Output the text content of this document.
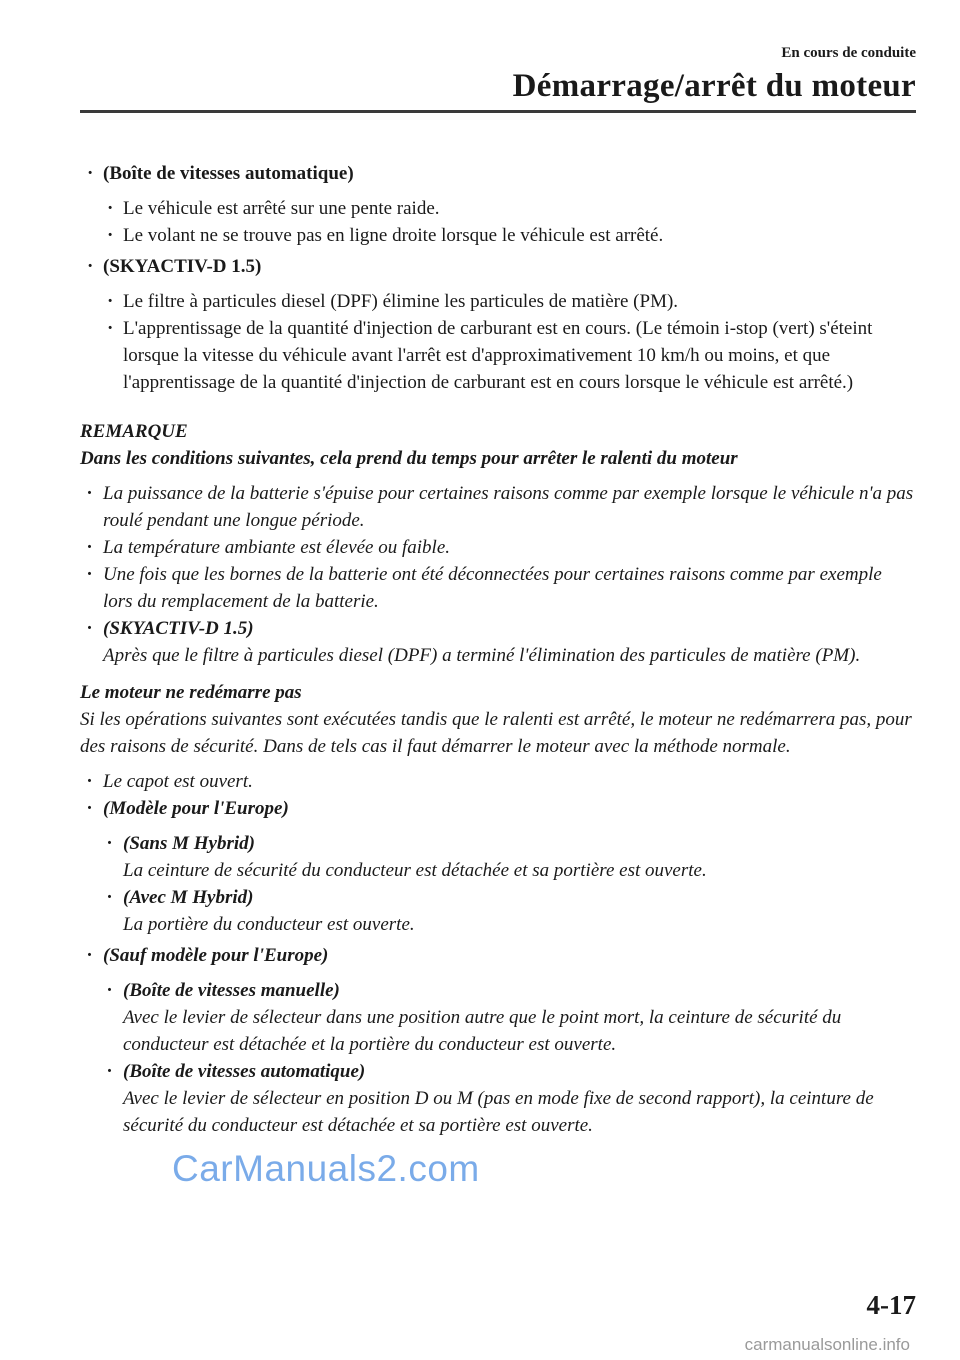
En cours de conduite
Démarrage/arrêt du moteur
· (Boîte de vitesses automatique)
· Le véhicule est arrêté sur une pente raide.
· Le volant ne se trouve pas en ligne droite lorsque le véhicule est arrêté.
· (SKYACTIV-D 1.5)
· Le filtre à particules diesel (DPF) élimine les particules de matière (PM).
· L'apprentissage de la quantité d'injection de carburant est en cours. (Le témoin i-stop (vert) s'éteint lorsque la vitesse du véhicule avant l'arrêt est d'approximativement 10 km/h ou moins, et que l'apprentissage de la quantité d'injection de carburant est en cours lorsque le véhicule est arrêté.)
REMARQUE
Dans les conditions suivantes, cela prend du temps pour arrêter le ralenti du moteur
· La puissance de la batterie s'épuise pour certaines raisons comme par exemple lorsque le véhicule n'a pas roulé pendant une longue période.
· La température ambiante est élevée ou faible.
· Une fois que les bornes de la batterie ont été déconnectées pour certaines raisons comme par exemple lors du remplacement de la batterie.
· (SKYACTIV-D 1.5)
Après que le filtre à particules diesel (DPF) a terminé l'élimination des particules de matière (PM).
Le moteur ne redémarre pas
Si les opérations suivantes sont exécutées tandis que le ralenti est arrêté, le moteur ne redémarrera pas, pour des raisons de sécurité. Dans de tels cas il faut démarrer le moteur avec la méthode normale.
· Le capot est ouvert.
· (Modèle pour l'Europe)
· (Sans M Hybrid)
La ceinture de sécurité du conducteur est détachée et sa portière est ouverte.
· (Avec M Hybrid)
La portière du conducteur est ouverte.
· (Sauf modèle pour l'Europe)
· (Boîte de vitesses manuelle)
Avec le levier de sélecteur dans une position autre que le point mort, la ceinture de sécurité du conducteur est détachée et la portière du conducteur est ouverte.
· (Boîte de vitesses automatique)
Avec le levier de sélecteur en position D ou M (pas en mode fixe de second rapport), la ceinture de sécurité du conducteur est détachée et sa portière est ouverte.
CarManuals2.com
4-17
carmanualsonline.info
